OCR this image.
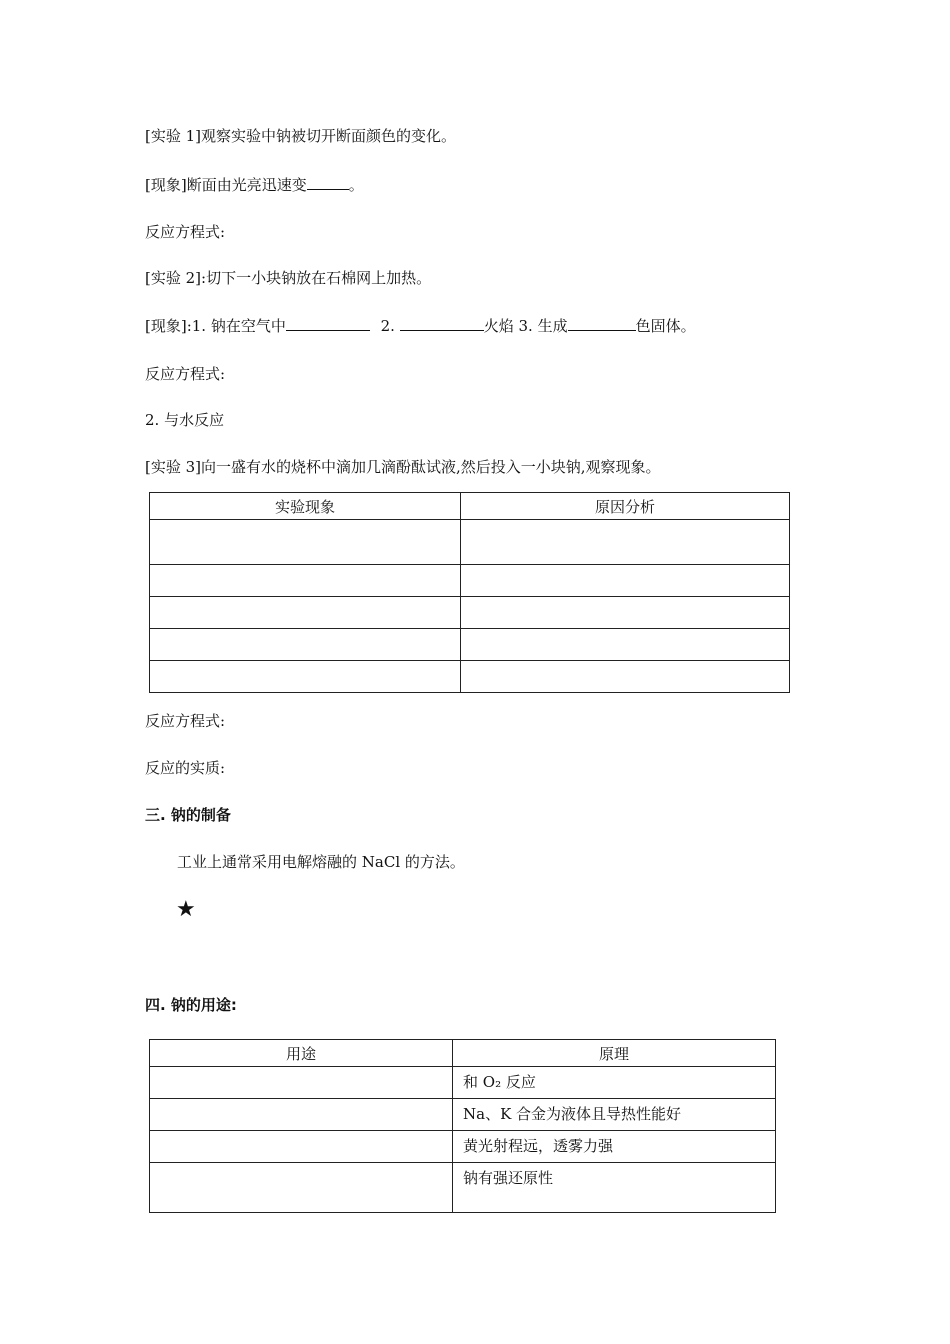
[实验 1]观察实验中钠被切开断面颜色的变化。
[现象]断面由光亮迅速变	。
反应方程式:
[实验 2]:切下一小块钠放在石棉网上加热。
[现象]:1. 钠在空气中	2.	火焰 3. 生成	色固体。
反应方程式:
2. 与水反应
[实验 3]向一盛有水的烧杯中滴加几滴酚酞试液,然后投入一小块钠,观察现象。
实验现象	原因分析

反应方程式:
反应的实质:
三. 钠的制备
工业上通常采用电解熔融的 NaCl 的方法。
★
四. 钠的用途:
用途	原理
	和 O₂ 反应
	Na、K 合金为液体且导热性能好
	黄光射程远，透雾力强
	钠有强还原性
